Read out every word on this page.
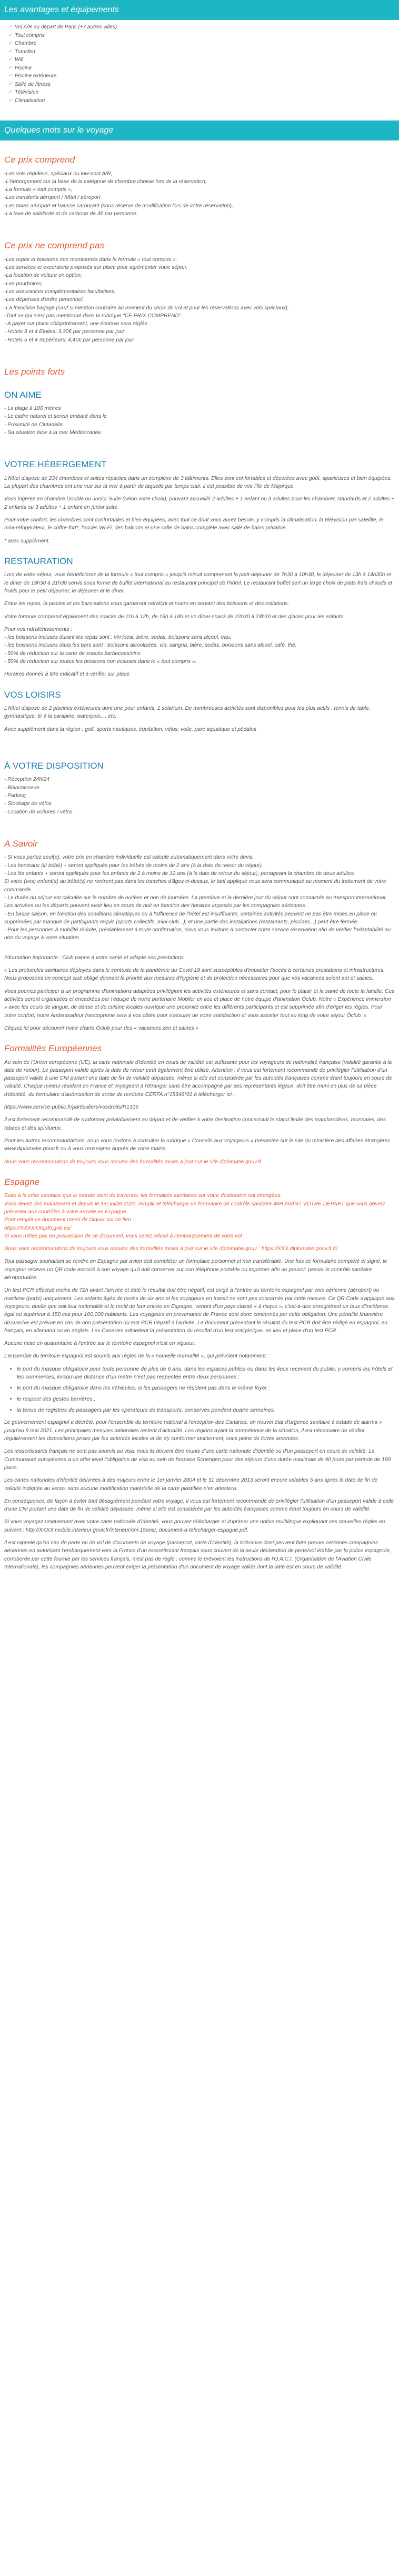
Les avantages et équipements
✓ Vol A/R au départ de Paris (+7 autres villes)
✓ Tout compris
✓ Chambre
✓ Transfert
✓ Wifi
✓ Piscine
✓ Piscine extérieure
✓ Salle de fitness
✓ Télévision
✓ Climatisation
Quelques mots sur le voyage
Ce prix comprend
-Les vols réguliers, spéciaux ou low-cost A/R,
-L'hébergement sur la base de la catégorie de chambre choisie lors de la réservation,
-La formule « tout compris »,
-Les transferts aéroport / hôtel / aéroport
-Les taxes aéroport et hausse carburant (sous réserve de modification lors de votre réservation),
-La taxe de solidarité et de carbone de 3€ par personne.
Ce prix ne comprend pas
-Les repas et boissons non mentionnés dans la formule « tout compris »,
-Les services et excursions proposés sur place pour agrémenter votre séjour,
-La location de voiture en option,
-Les pourboires,
-Les assurances complémentaires facultatives,
-Les dépenses d'ordre personnel,
-La franchise bagage (sauf si mention contraire au moment du choix du vol et pour les réservations avec vols spéciaux),
-Tout ce qui n'est pas mentionné dans la rubrique "CE PRIX COMPREND".
- A payer sur place obligatoirement, une écotaxe sera réglée :
- Hotels 3 et 4 Etoiles: 3,30€ par personne par jour
- Hotels 5 et 4 Supérieurs: 4,40€ par personne par jour
Les points forts
ON AIME
- La plage à 100 mètres
- Le cadre naturel et serein embaré dans le
- Proximité de Ciutadella
- Sa situation face à la mer Méditerranée
VOTRE HÉBERGEMENT

L'hôtel dispose de 234 chambres et suites réparties dans un complexe de 3 bâtiments. Elles sont confortables et décorées avec goût, spacieuses et bien équipées. La plupart des chambres ont une vue sur la mer à partir de laquelle par temps clair, il est possible de voir l'île de Majorque.

Vous logerez en chambre Double ou Junior Suite (selon votre choix), pouvant accueillir 2 adultes + 1 enfant ou 3 adultes pour les chambres standards et 2 adultes + 2 enfants ou 3 adultes + 1 enfant en junior suite.

Pour votre confort, les chambres sont confortables et bien équipées, avec tout ce dont vous aurez besoin, y compris la climatisation, la télévision par satellite, le mini-réfrigérateur, le coffre-fort*, l'accès Wi-Fi, des balcons et une salle de bains complète avec salle de bains privative.

* avec supplément.

RESTAURATION

Lors de votre séjour, vous bénéficierez de la formule « tout compris » jusqu'à minuit comprenant la petit-déjeuner de 7h30 à 10h30, le déjeuner de 13h à 14h30h et le dîner de 19h30 à 21h30 servis sous forme de buffet international au restaurant principal de l'hôtel. Le restaurant buffet sert un large choix de plats frais chauds et froids pour le petit déjeuner, le déjeuner et le dîner.

Entre les repas, la piscine et les bars-salons vous garderont rafraîchi et nourri en servant des boissons et des collations.

Votre formule comprend également des snacks de 11h à 12h, de 16h à 18h et un dîner-snack de 22h30 à 23h30 et des glaces pour les enfants.

Pour vos rafraîchissements :
- les boissons incluses durant les repas sont : vin local, bière, sodas, boissons sans alcool, eau,
- les boissons incluses dans les bars sont : boissons alcoolisées, vin, sangria, bière, sodas, boissons sans alcool, café, thé.
- 50% de réduction sur la carte de snacks barbecues/vins
- 50% de réduction sur toutes les boissons non incluses dans le « tout compris ».

Horaires donnés à titre indicatif et à vérifier sur place.

VOS LOISIRS

L'hôtel dispose de 2 piscines extérieures dont une pour enfants, 1 solarium. De nombreuses activités sont disponibles pour les plus actifs : tennis de table, gymnastique, tir à la carabine, waterpolo,... etc.

Avec supplément dans la région : golf, sports nautiques, équitation, vélos, voile, parc aquatique et pédalos

À VOTRE DISPOSITION
- Réception 24h/24
- Blanchisserie
- Parking
- Stockage de vélos
- Location de voitures / vélos
A Savoir
- Si vous partez seul(e), votre prix en chambre individuelle est calculé automatiquement dans votre devis.
- Les berceaux (lit bébé) + seront appliqués pour les bébés de moins de 2 ans (à la date de retour du séjour).
- Les lits enfants + seront appliqués pour les enfants de 2 à moins de 12 ans (à la date de retour du séjour), partageant la chambre de deux adultes.
Si votre (vos) enfant(s) au bébé(s) ne rentrent pas dans les tranches d'âges ci-dessus, le tarif appliqué vous sera communiqué au moment du traitement de votre commande.
- La durée du séjour est calculée sur le nombre de nuitées et non de journées. La première et la dernière jour du séjour sont consacrés au transport international. Les arrivées ou les départs pouvant avoir lieu en cours de nuit en fonction des horaires imposés par les compagnies aériennes.
- En basse saison, en fonction des conditions climatiques ou à l'affluence de l'hôtel est insuffisante, certaines activités peuvent ne pas être mises en place ou supprimées par manque de participants requis (sports collectifs, mini-club...), et une partie des installations (restaurants, piscines...) peut être fermée.
- Pour les personnes à mobilité réduite, préalablement à toute confirmation, nous vous invitons à contacter notre service réservation afin de vérifier l'adaptabilité au non du voyage à votre situation.

Information importante : Club panne à votre santé et adapte ses prestations

« Les protocoles sanitaires déployés dans le contexte de la pandémie du Covid-19 sont susceptibles d'impacter l'accès à certaines prestations et infrastructures. Nous proposons un concept club obligé donnant la priorité aux mesures d'hygiène et de protection nécessaires pour que vos vacances soient ant et saines.

Vous pourrez participer à un programme d'animations adaptées privilégiant les activités extérieures et sans contact, pour le plaisir et la santé de toute la famille. Ces activités seront organisées et encadrées par l'équipe de notre partenaire Mobiler en lieu et place de notre équipe d'animation Óclub. Notre « Expérience immersion » avec les cours de langue, de danse et de cuisine locales ouvrique une proximité entre les différents participants et est supprimée afin d'ériger les règles. Pour votre confort, notre Ambassadeur francophone sera à vos côtés pour s'assurer de votre satisfaction et vous assister tout au long de votre séjour Óclub. »

Cliquez ici pour découvrir notre charte Óclub pour des « vacances zen et saines »

Formalités Européennes

Au sein de l'Union européenne (UE), la carte nationale d'identité en cours de validité est suffisante pour les voyageurs de nationalité française (validité garantie à la date de retour). Le passeport valide après la date de retour peut également être utilisé. Attention : il vous est fortement recommandé de privilégier l'utilisation d'un passeport valide à une CNI portant une date de fin de validité dépassée, même si elle est considérée par les autorités françaises comme étant toujours en cours de validité. Chaque mineur résidant en France et voyageant à l'étranger sans être accompagné par ses représentants légaux, doit être muni en plus de sa pièce d'identité, du formulaire d'autorisation de sortie de territoire CERFA n°15646*01 à télécharger ici :

https://www.service-public.fr/particuliers/vosdroits/R1316

Il est fortement recommandé de s'informer préalablement au départ et de vérifier à votre destination concernant le statut limité des marchandises, monnaies, des tabacs et des spiritueux.

Pour les autres recommandations, nous vous invitons à consulter la rubrique « Conseils aux voyageurs » présentée sur le site du ministère des affaires étrangères www.diplomatie.gouv.fr ou à vous renseigner auprès de votre mairie.

Nous vous recommandons de toujours vous assurer des formalités mises à jour sur le site diplomatie.gouv.fr

Espagne
Suite à la crise sanitaire que le monde vient de traverser, les formalités sanitaires sur votre destination ont changées.
Vous devez des maintenant et depuis le 1er juillet 2020, remplir et télécharger un formulaire de contrôle sanitaire 48H AVANT VOTRE DEPART que vous devrez présenter aux contrôles à votre arrivée en Espagne.
Pour remplir ce document merci de cliquer sur ce lien :
https://XXXXXXspth.gob.es/
Si vous n'êtes pas en possession de ce document, vous serez refusé à l'embarquement de votre vol .

Nous vous recommandons de toujours vous assurer des formalités mises à jour sur le site diplomatie.gouv : https://XXX.diplomatie.gouv.fr.fr/

Tout passager souhaitant se rendre en Espagne par avion doit compléter un formulaire personnel et non transférable. Une fois ce formulaire complété et signé, le voyageur recevra un QR code associé à son voyage qu'il doit conserver sur son téléphone portable ou imprimer afin de pouvoir passer le contrôle sanitaire aéroportuaire.

Un test PCR effectué moins de 72h avant l'arrivée et daté le résultat doit être négatif, est exigé à l'entrée du territoire espagnol par voie aérienne (aéroport) ou maritime (ports) uniquement. Les enfants âgés de moins de six ans et les voyageurs en transit ne sont pas concernés par cette mesure. Ce QR Code s'applique aux voyageurs, quelle que soit leur nationalité et le motif de leur entrée en Espagne, venant d'un pays classé « à risque », c'est-à-dire enregistrant un taux d'incidence égal ou supérieur à 150 cas pour 100.000 habitants. Les voyageurs en provenance de France sont donc concernés par cette obligation. Une pénalité financière dissuasive est prévue en cas de non présentation du test PCR négatif à l'arrivée. Le document présentant le résultat du test PCR doit être rédigé en espagnol, en français, en allemand ou en anglais. Les Canaries admettent la présentation du résultat d'un test antigénique, en lieu et place d'un test PCR.

Aucune mise en quarantaine à l'entrée sur le territoire espagnol n'est en vigueur.

L'ensemble du territoire espagnol est soumis aux règles de la « nouvelle normalité », qui prévoient notamment :

• le port du masque obligatoire pour toute personne de plus de 6 ans, dans les espaces publics ou dans les lieux recevant du public, y compris les hôtels et les commerces, lorsqu'une distance d'un mètre n'est pas respectée entre deux personnes ;
• le port du masque obligatoire dans les véhicules, si les passagers ne résident pas dans le même foyer ;
• le respect des gestes barrières ;
• la tenue de registres de passagers par les opérateurs de transports, conservés pendant quatre semaines.

Le gouvernement espagnol a décrété, pour l'ensemble du territoire national à l'exception des Canaries, un nouvel état d'urgence sanitaire à estado de alarma » jusqu'au 9 mai 2021. Les principales mesures nationales restent d'actualité. Les régions ayant la compétence de la situation, il est nécessaire de vérifier régulièrement les dispositions prises par les autorités locales et de s'y conformer strictement, sous peine de fortes amendes.

Les ressortissants français ne sont pas soumis au visa, mais ils doivent être munis d'une carte nationale d'identité ou d'un passeport en cours de validité. La Communauté européenne a un effet level l'obligation de visa au sein de l'espace Schengen pour des séjours d'une durée maximale de 90 jours par période de 180 jours.

Les cartes nationales d'identité délivrées à des majeurs entre le 1er janvier 2004 et le 31 décembre 2013 seront encore valables 5 ans après la date de fin de validité indiquée au verso, sans aucune modification matérielle de la carte plastifiée n'en attestera.

En conséquence, de façon à éviter tout désagrément pendant votre voyage, il vous est fortement recommandé de privilégier l'utilisation d'un passeport valide à celle d'une CNI portant une date de fin de validité dépassée, même si elle est considérée par les autorités françaises comme étant toujours en cours de validité.

Si vous voyagez uniquement avec votre carte nationale d'identité, vous pouvez télécharger et imprimer une notice multilingue expliquant ces nouvelles règles en suivant : http://XXXX.mobile.interieur.gouv.fr/interieur/cni-15ans/, document-a-telecharger-espagne.pdf.

Il est rappelé qu'en cas de perte ou de vol de documents de voyage (passeport, carte d'identité), la tolérance dont peuvent faire preuve certaines compagnies aériennes en autorisant l'embarquement vers la France d'un ressortissant français sous couvert de la seule déclaration de perte/vol établie par la police espagnole, corroborée par cette fournie par les services français, n'est pas de règle : comme le prévoient les instructions de l'O.A.C.I. (Organisation de l'Aviation Civile Internationale), les compagnies aériennes peuvent exiger la présentation d'un document de voyage valide dont la date est en cours de validité.
